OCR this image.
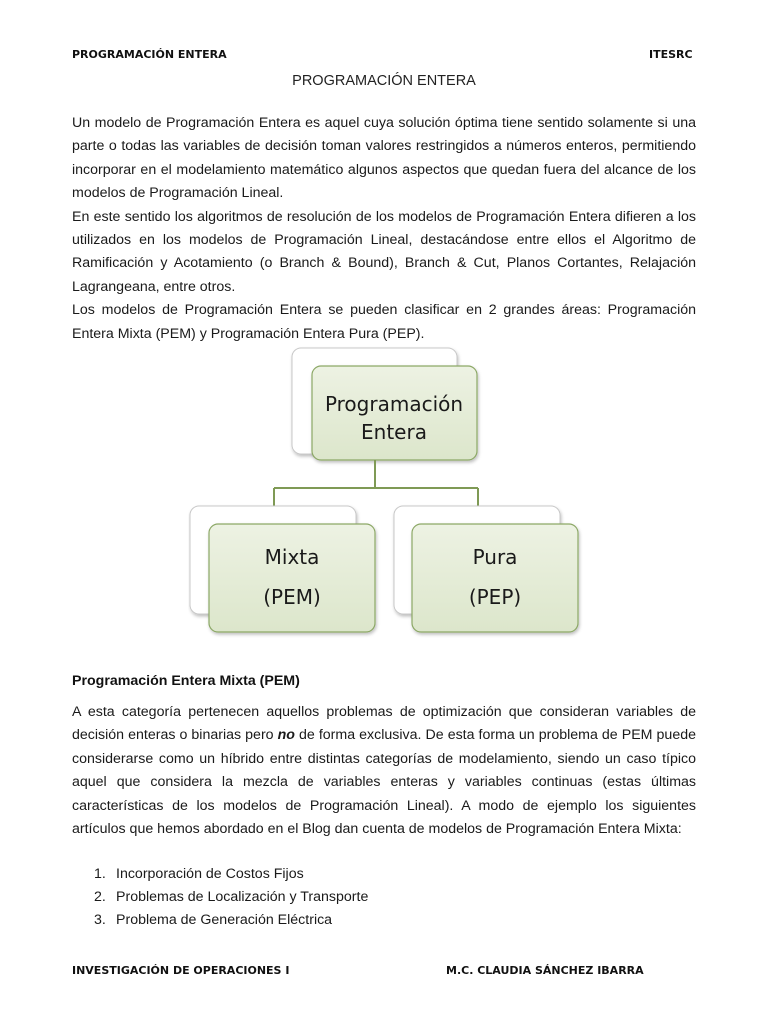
PROGRAMACIÓN ENTERA	ITESRC
PROGRAMACIÓN ENTERA

Un modelo de Programación Entera es aquel cuya solución óptima tiene sentido solamente si una parte o todas las variables de decisión toman valores restringidos a números enteros, permitiendo incorporar en el modelamiento matemático algunos aspectos que quedan fuera del alcance de los modelos de Programación Lineal.

En este sentido los algoritmos de resolución de los modelos de Programación Entera difieren a los utilizados en los modelos de Programación Lineal, destacándose entre ellos el Algoritmo de Ramificación y Acotamiento (o Branch & Bound), Branch & Cut, Planos Cortantes, Relajación Lagrangeana, entre otros.

Los modelos de Programación Entera se pueden clasificar en 2 grandes áreas: Programación Entera Mixta (PEM) y Programación Entera Pura (PEP).

Programación
Entera
Mixta
(PEM)
Pura
(PEP)
Programación Entera Mixta (PEM)

A esta categoría pertenecen aquellos problemas de optimización que consideran variables de decisión enteras o binarias pero no de forma exclusiva. De esta forma un problema de PEM puede considerarse como un híbrido entre distintas categorías de modelamiento, siendo un caso típico aquel que considera la mezcla de variables enteras y variables continuas (estas últimas características de los modelos de Programación Lineal). A modo de ejemplo los siguientes artículos que hemos abordado en el Blog dan cuenta de modelos de Programación Entera Mixta:

1. Incorporación de Costos Fijos
2. Problemas de Localización y Transporte
3. Problema de Generación Eléctrica
INVESTIGACIÓN DE OPERACIONES I	M.C. CLAUDIA SÁNCHEZ IBARRA
